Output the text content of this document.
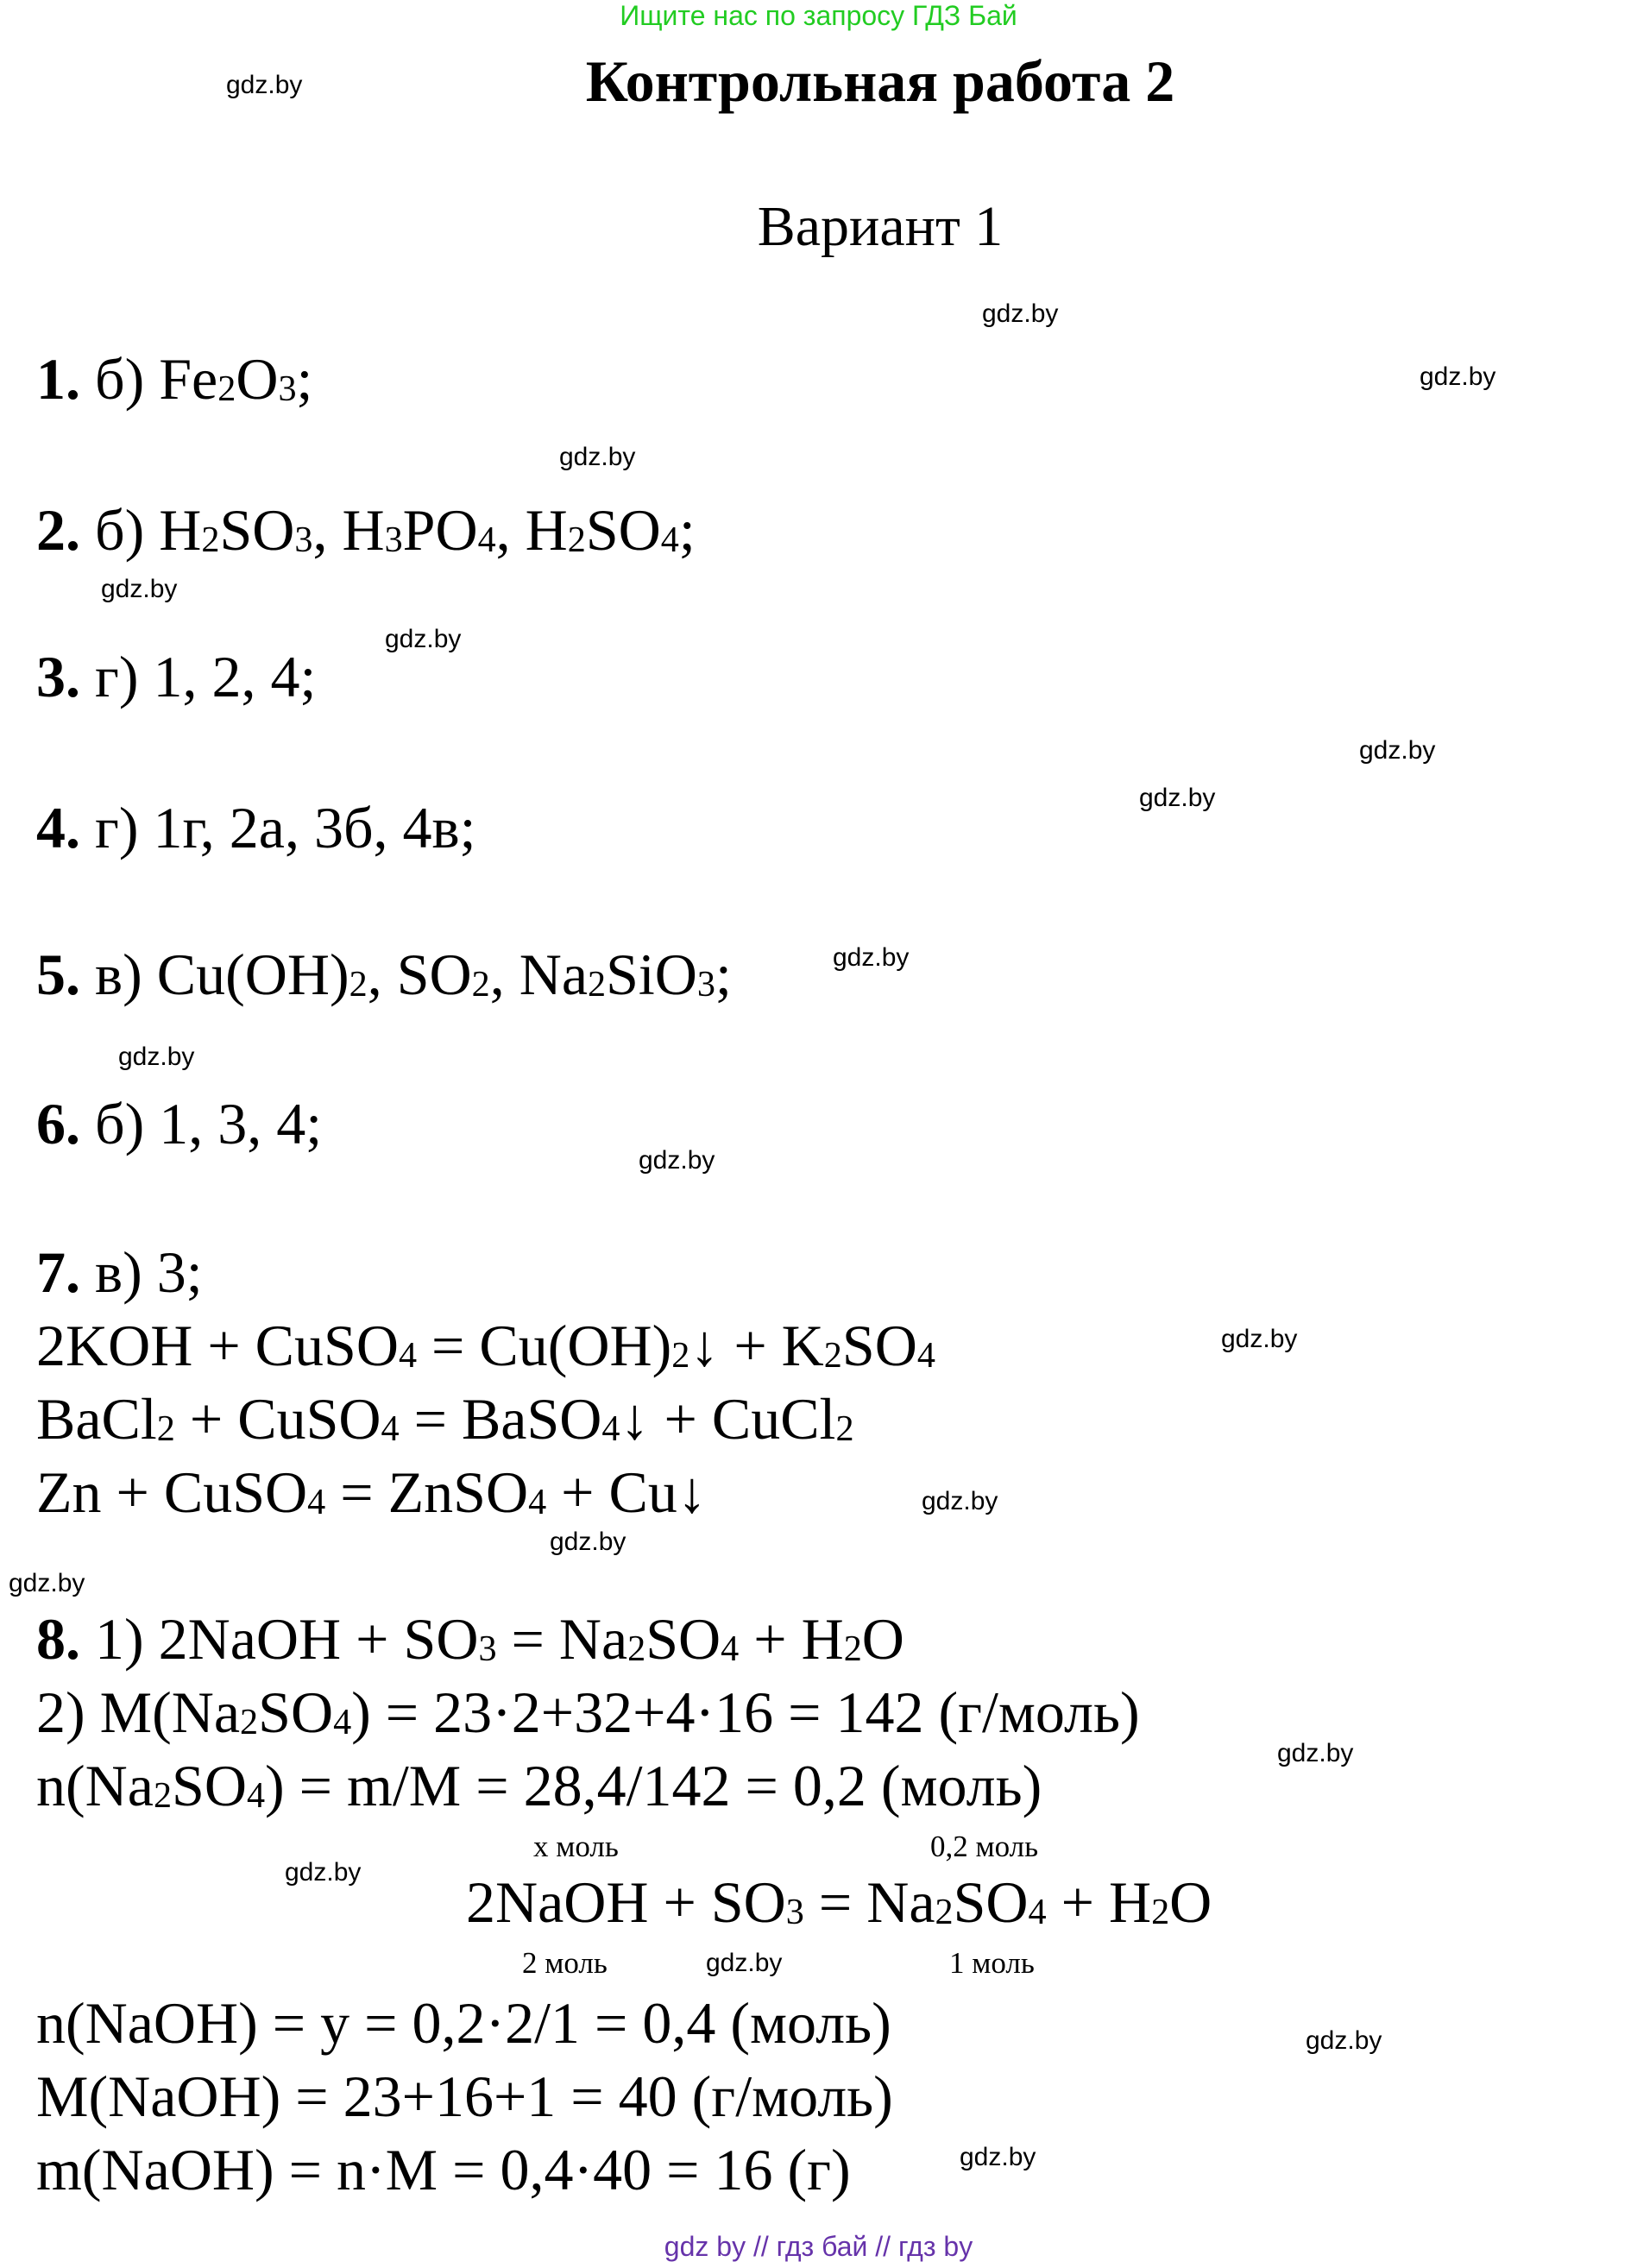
Ищите нас по запросу ГДЗ Бай
gdz.by	Контрольная работа 2
Вариант 1
gdz.by
gdz.by
1. б) $Fe_2O_3$;
gdz.by
2. б) $H_2SO_3$, $H_3PO_4$, $H_2SO_4$;
gdz.by
gdz.by
3. г) 1, 2, 4;
gdz.by
gdz.by
4. г) 1г, 2а, 3б, 4в;
gdz.by
5. в) $Cu(OH)_2$, $SO_2$, $Na_2SiO_3$;
gdz.by
6. б) 1, 3, 4;
gdz.by
7. в) 3;
2KOH + CuSO$_4$ = $Cu(OH)_2↓ + K_2SO_4$	gdz.by
BaCl$_2$ + CuSO$_4$ = BaSO$_4$↓ + CuCl$_2$
Zn + CuSO$_4$ = ZnSO$_4$ + Cu↓	gdz.by
gdz.by
gdz.by
8. 1) 2NaOH + $SO_3 = Na_2SO_4 + H_2O$
2) $M(Na_2SO_4) = 23\cdot 2+32+4\cdot 16 = 142$ (г/моль)
gdz.by
$n(Na_2SO_4) = m/M = 28,4/142 = 0,2$ (моль)
х моль	0,2 моль
gdz.by 2NaOH + $SO_3 = Na_2SO_4 + H_2O$
2 моль	gdz.by	1 моль
n(NaOH) = у = 0,2·2/1 = 0,4 (моль)	gdz.by
M(NaOH) = 23+16+1 = 40 (г/моль)
m(NaOH) = n·M = 0,4·40 = 16 (г)	gdz.by
gdz by // гдз бай // гдз by
